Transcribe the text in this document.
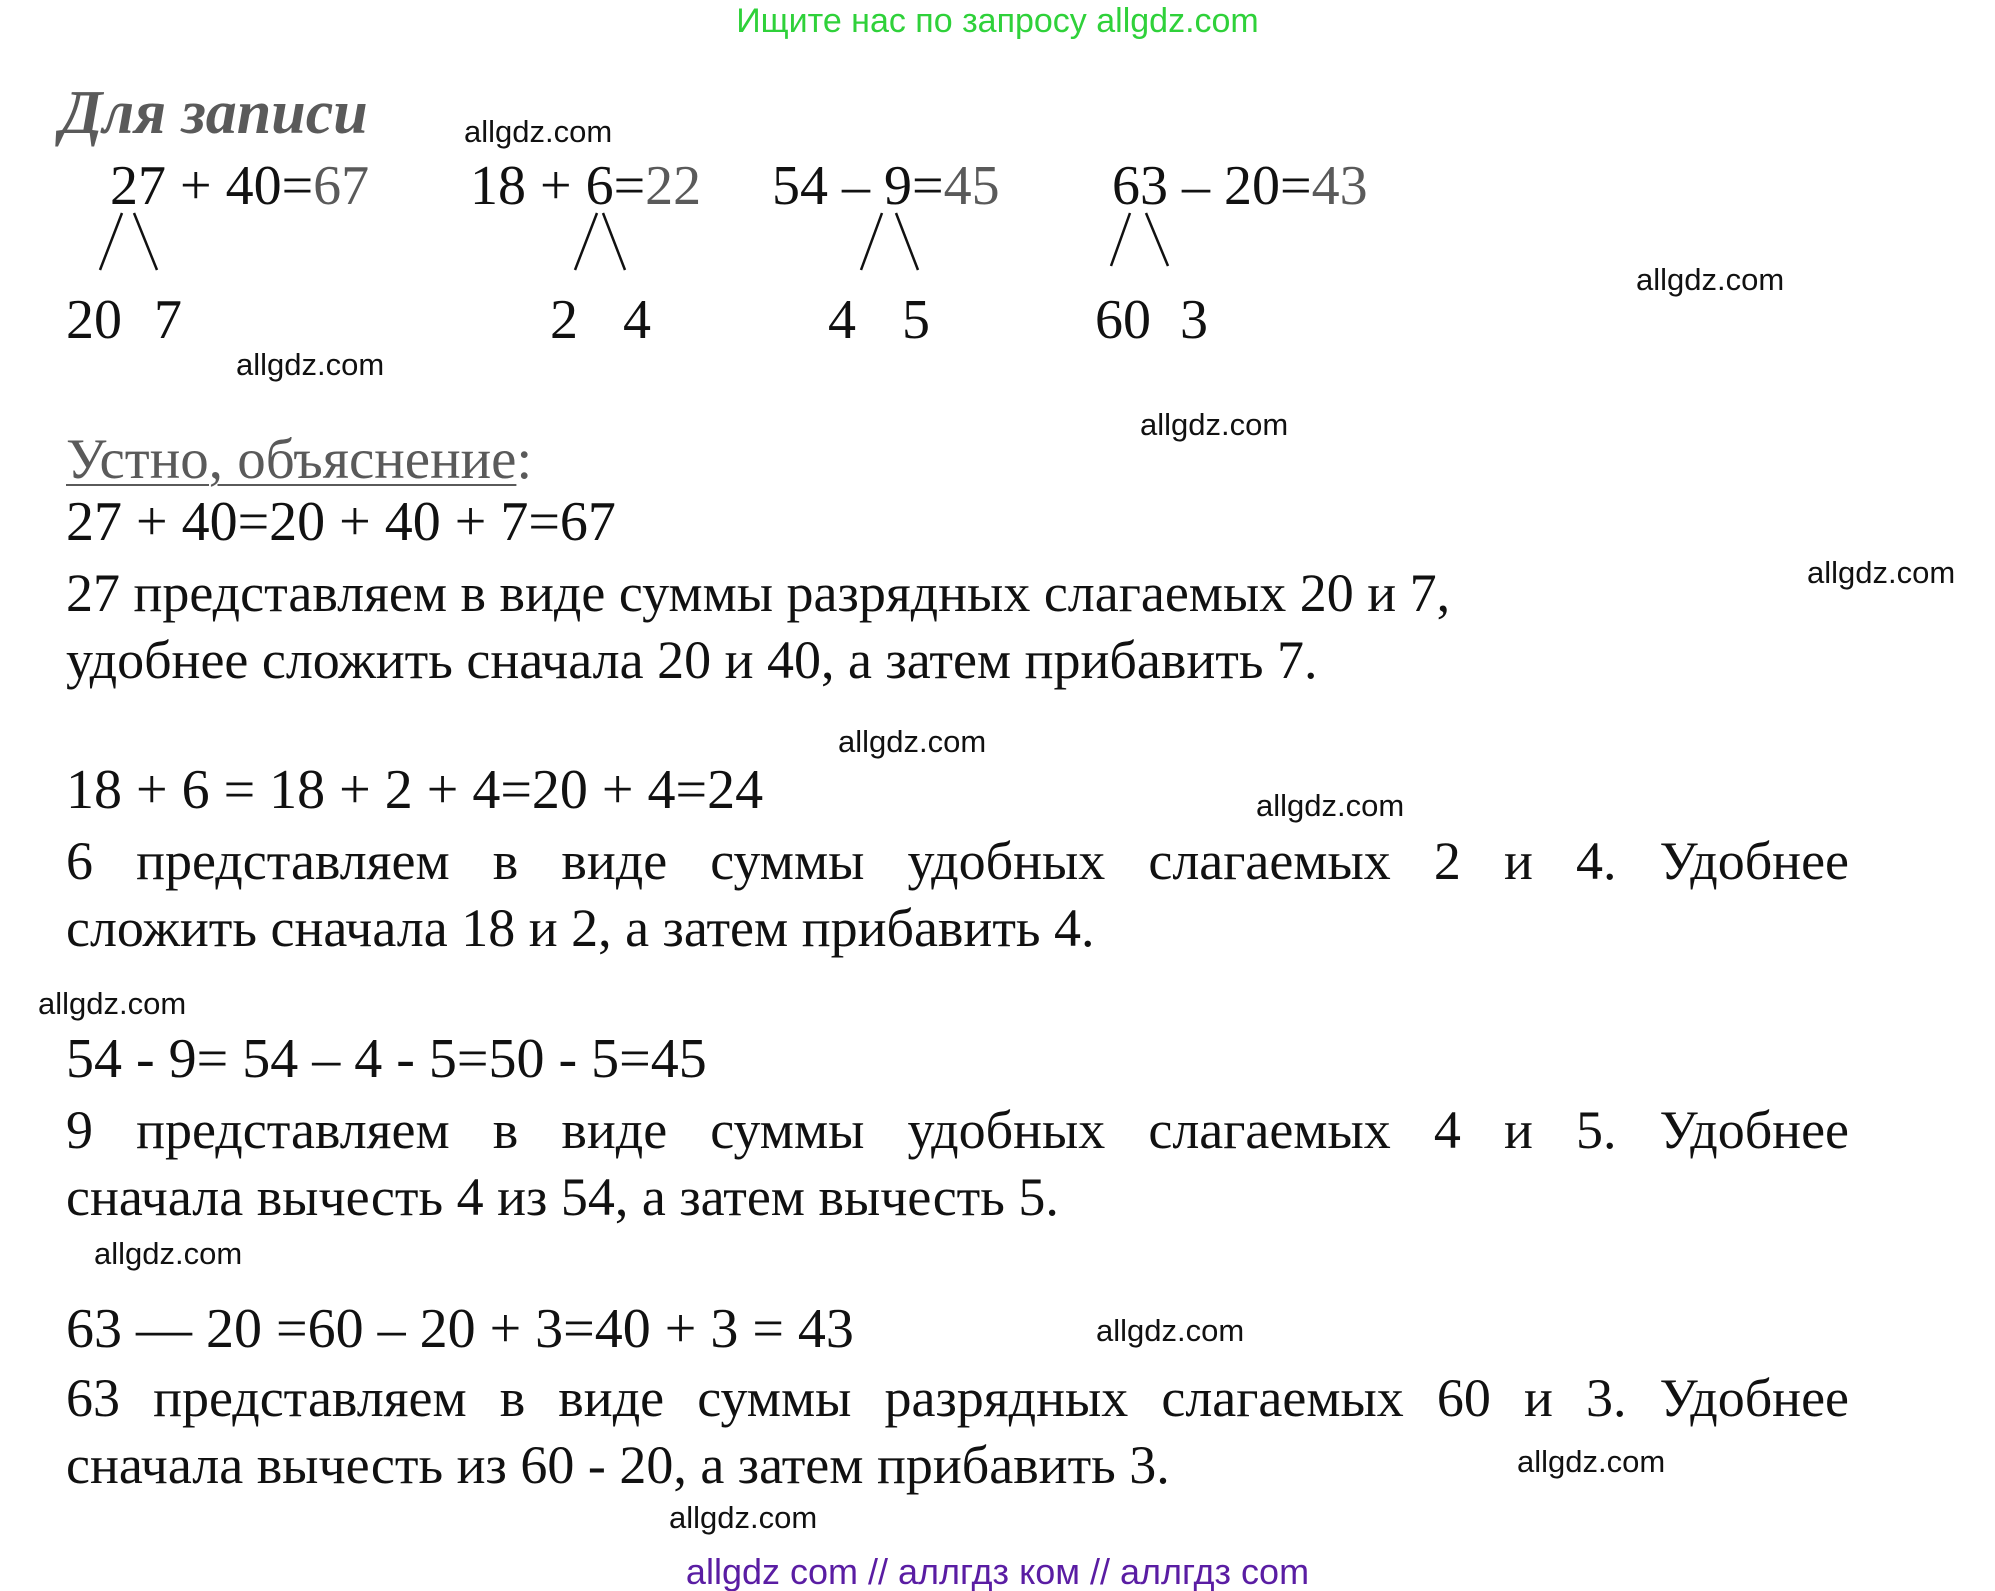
Ищите нас по запросу allgdz.com
Для записи	allgdz.com
allgdz.com
allgdz.com
allgdz.com
allgdz.com
allgdz.com
allgdz.com
allgdz.com
allgdz.com
allgdz.com
allgdz.com
allgdz.com
27 + 40=67 18 + 6=22 54 – 9=45 63 – 20=43
20 7	2 4	4 5	60 3
Устно, объяснение:
27 + 40=20 + 40 + 7=67
27 представляем в виде суммы разрядных слагаемых 20 и 7,
удобнее сложить сначала 20 и 40, а затем прибавить 7.
18 + 6 = 18 + 2 + 4=20 + 4=24
6 представляем в виде суммы удобных слагаемых 2 и 4. Удобнее
сложить сначала 18 и 2, а затем прибавить 4.
54 - 9= 54 – 4 - 5=50 - 5=45
9 представляем в виде суммы удобных слагаемых 4 и 5. Удобнее
сначала вычесть 4 из 54, а затем вычесть 5.
63 — 20 =60 – 20 + 3=40 + 3 = 43
63 представляем в виде суммы разрядных слагаемых 60 и 3. Удобнее
сначала вычесть из 60 - 20, а затем прибавить 3.
allgdz com // аллгдз ком // аллгдз com
